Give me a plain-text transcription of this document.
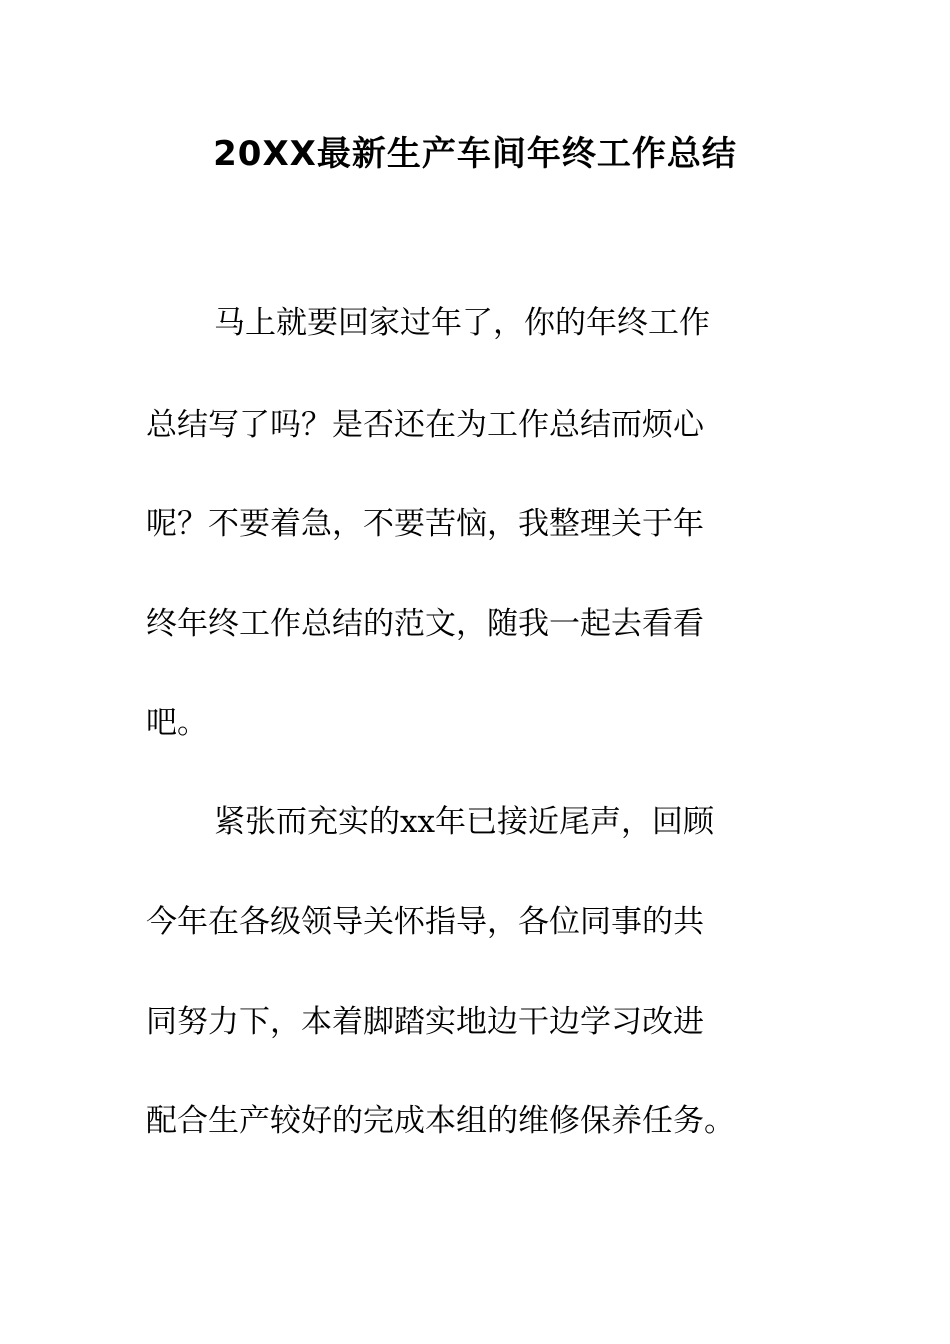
20XX最新生产车间年终工作总结

马上就要回家过年了，你的年终工作

总结写了吗？是否还在为工作总结而烦心

呢？不要着急，不要苦恼，我整理关于年

终年终工作总结的范文，随我一起去看看

吧。

紧张而充实的xx年已接近尾声，回顾

今年在各级领导关怀指导，各位同事的共

同努力下，本着脚踏实地边干边学习改进

配合生产较好的完成本组的维修保养任务。
